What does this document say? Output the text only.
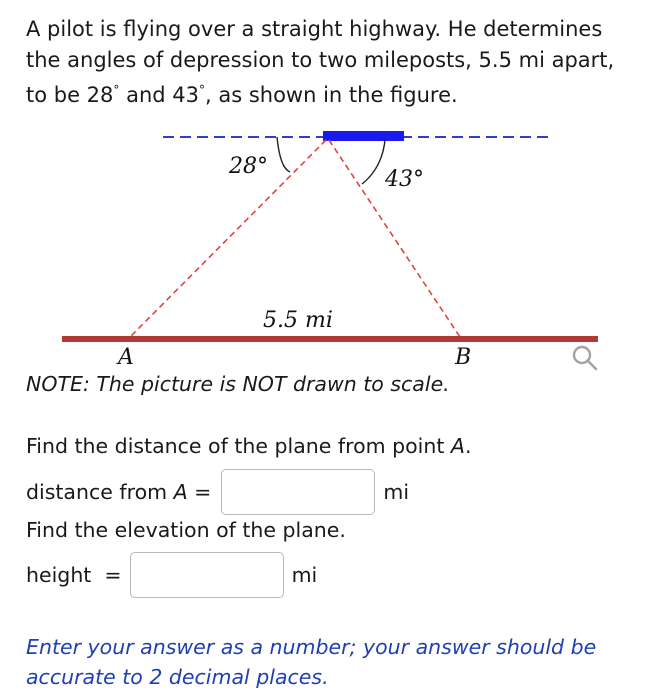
A pilot is flying over a straight highway. He determines the angles of depression to two mileposts, 5.5 mi apart, to be 28° and 43°, as shown in the figure.

28°
43°
5.5 mi
A	B

NOTE: The picture is NOT drawn to scale.

Find the distance of the plane from point A.

distance from A =	mi

Find the elevation of the plane.

height  =	mi

Enter your answer as a number; your answer should be accurate to 2 decimal places.
